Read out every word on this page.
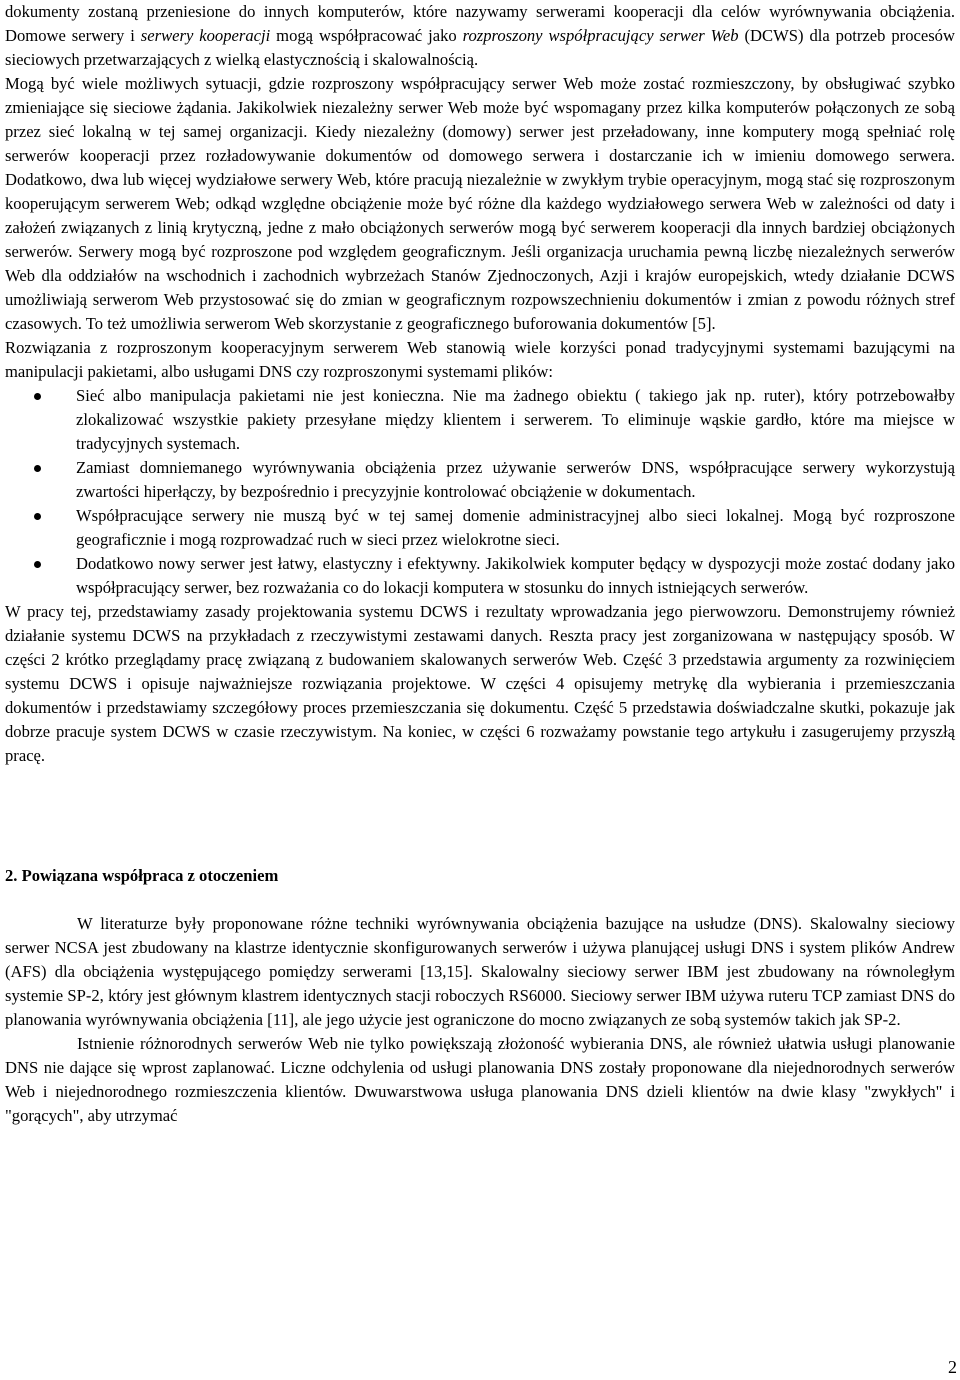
dokumenty zostaną przeniesione do innych komputerów, które nazywamy serwerami kooperacji dla celów wyrównywania obciążenia. Domowe serwery i serwery kooperacji mogą współpracować jako rozproszony współpracujący serwer Web (DCWS) dla potrzeb procesów sieciowych przetwarzających z wielką elastycznością i skalowalnością.

Mogą być wiele możliwych sytuacji, gdzie rozproszony współpracujący serwer Web może zostać rozmieszczony, by obsługiwać szybko zmieniające się sieciowe żądania. Jakikolwiek niezależny serwer Web może być wspomagany przez kilka komputerów połączonych ze sobą przez sieć lokalną w tej samej organizacji. Kiedy niezależny (domowy) serwer jest przeładowany, inne komputery mogą spełniać rolę serwerów kooperacji przez rozładowywanie dokumentów od domowego serwera i dostarczanie ich w imieniu domowego serwera. Dodatkowo, dwa lub więcej wydziałowe serwery Web, które pracują niezależnie w zwykłym trybie operacyjnym, mogą stać się rozproszonym kooperującym serwerem Web; odkąd względne obciążenie może być różne dla każdego wydziałowego serwera Web w zależności od daty i założeń związanych z linią krytyczną, jedne z mało obciążonych serwerów mogą być serwerem kooperacji dla innych bardziej obciążonych serwerów. Serwery mogą być rozproszone pod względem geograficznym. Jeśli organizacja uruchamia pewną liczbę niezależnych serwerów Web dla oddziałów na wschodnich i zachodnich wybrzeżach Stanów Zjednoczonych, Azji i krajów europejskich, wtedy działanie DCWS umożliwiają serwerom Web przystosować się do zmian w geograficznym rozpowszechnieniu dokumentów i zmian z powodu różnych stref czasowych. To też umożliwia serwerom Web skorzystanie z geograficznego buforowania dokumentów [5].

Rozwiązania z rozproszonym kooperacyjnym serwerem Web stanowią wiele korzyści ponad tradycyjnymi systemami bazującymi na manipulacji pakietami, albo usługami DNS czy rozproszonymi systemami plików:

Sieć albo manipulacja pakietami nie jest konieczna. Nie ma żadnego obiektu ( takiego jak np. ruter), który potrzebowałby zlokalizować wszystkie pakiety przesyłane między klientem i serwerem. To eliminuje wąskie gardło, które ma miejsce w tradycyjnych systemach.
Zamiast domniemanego wyrównywania obciążenia przez używanie serwerów DNS, współpracujące serwery wykorzystują zwartości hiperłączy, by bezpośrednio i precyzyjnie kontrolować obciążenie w dokumentach.
Współpracujące serwery nie muszą być w tej samej domenie administracyjnej albo sieci lokalnej. Mogą być rozproszone geograficznie i mogą rozprowadzać ruch w sieci przez wielokrotne sieci.
Dodatkowo nowy serwer jest łatwy, elastyczny i efektywny. Jakikolwiek komputer będący w dyspozycji może zostać dodany jako współpracujący serwer, bez rozważania co do lokacji komputera w stosunku do innych istniejących serwerów.

W pracy tej, przedstawiamy zasady projektowania systemu DCWS i rezultaty wprowadzania jego pierwowzoru. Demonstrujemy również działanie systemu DCWS na przykładach z rzeczywistymi zestawami danych. Reszta pracy jest zorganizowana w następujący sposób. W części 2 krótko przeglądamy pracę związaną z budowaniem skalowanych serwerów Web. Część 3 przedstawia argumenty za rozwinięciem systemu DCWS i opisuje najważniejsze rozwiązania projektowe. W części 4 opisujemy metrykę dla wybierania i przemieszczania dokumentów i przedstawiamy szczegółowy proces przemieszczania się dokumentu. Część 5 przedstawia doświadczalne skutki, pokazuje jak dobrze pracuje system DCWS w czasie rzeczywistym. Na koniec, w części 6 rozważamy powstanie tego artykułu i zasugerujemy przyszłą pracę.

2. Powiązana współpraca z otoczeniem

W literaturze były proponowane różne techniki wyrównywania obciążenia bazujące na usłudze (DNS). Skalowalny sieciowy serwer NCSA jest zbudowany na klastrze identycznie skonfigurowanych serwerów i używa planującej usługi DNS i system plików Andrew (AFS) dla obciążenia występującego pomiędzy serwerami [13,15]. Skalowalny sieciowy serwer IBM jest zbudowany na równoległym systemie SP-2, który jest głównym klastrem identycznych stacji roboczych RS6000. Sieciowy serwer IBM używa ruteru TCP zamiast DNS do planowania wyrównywania obciążenia [11], ale jego użycie jest ograniczone do mocno związanych ze sobą systemów takich jak SP-2.

Istnienie różnorodnych serwerów Web nie tylko powiększają złożoność wybierania DNS, ale również ułatwia usługi planowanie DNS nie dające się wprost zaplanować. Liczne odchylenia od usługi planowania DNS zostały proponowane dla niejednorodnych serwerów Web i niejednorodnego rozmieszczenia klientów. Dwuwarstwowa usługa planowania DNS dzieli klientów na dwie klasy "zwykłych" i "gorących", aby utrzymać

2
